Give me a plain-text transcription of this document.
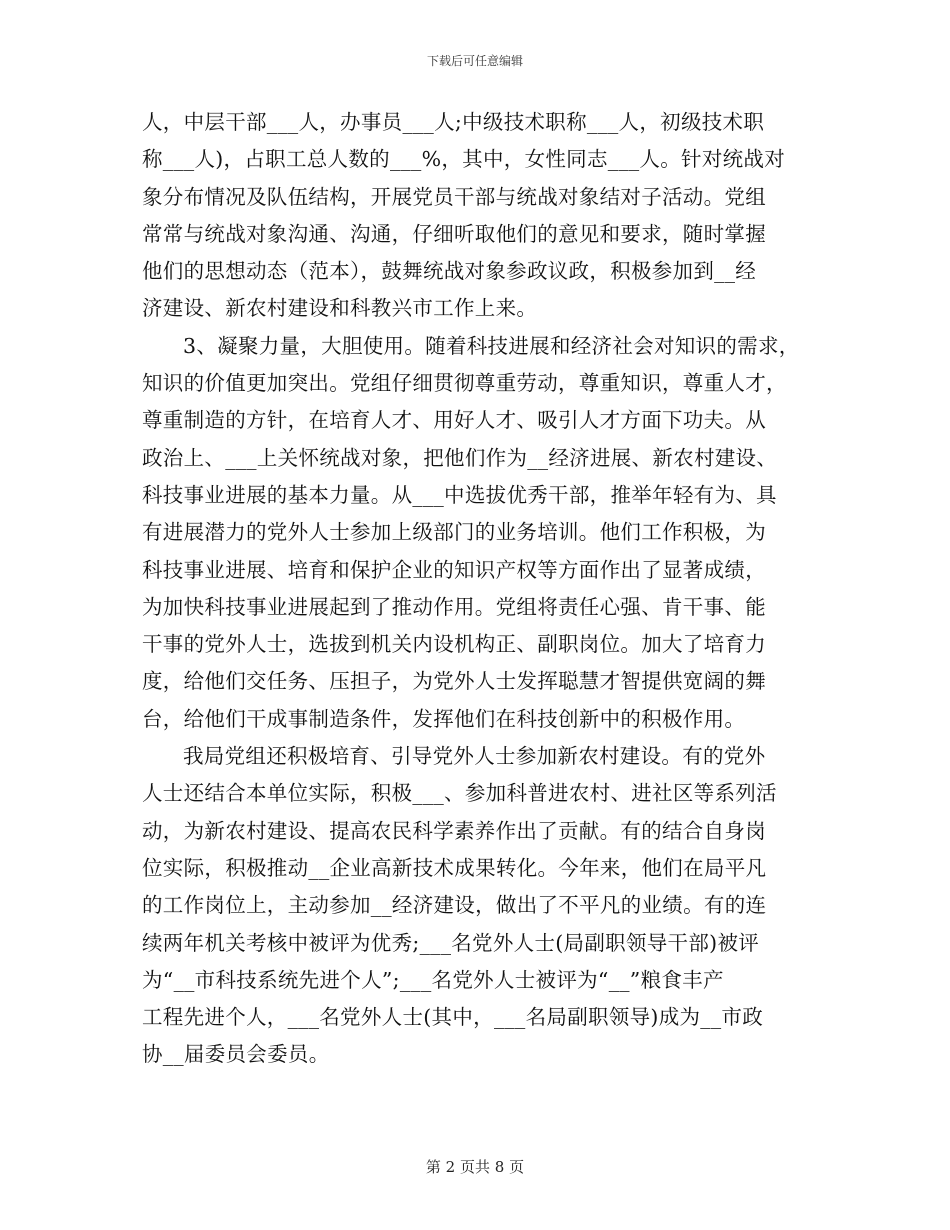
下载后可任意编辑
人，中层干部___人，办事员___人;中级技术职称___人，初级技术职
称___人)，占职工总人数的___%，其中，女性同志___人。针对统战对
象分布情况及队伍结构，开展党员干部与统战对象结对子活动。党组
常常与统战对象沟通、沟通，仔细听取他们的意见和要求，随时掌握
他们的思想动态（范本），鼓舞统战对象参政议政，积极参加到__经
济建设、新农村建设和科教兴市工作上来。
3、凝聚力量，大胆使用。随着科技进展和经济社会对知识的需求，
知识的价值更加突出。党组仔细贯彻尊重劳动，尊重知识，尊重人才，
尊重制造的方针，在培育人才、用好人才、吸引人才方面下功夫。从
政治上、___上关怀统战对象，把他们作为__经济进展、新农村建设、
科技事业进展的基本力量。从___中选拔优秀干部，推举年轻有为、具
有进展潜力的党外人士参加上级部门的业务培训。他们工作积极，为
科技事业进展、培育和保护企业的知识产权等方面作出了显著成绩，
为加快科技事业进展起到了推动作用。党组将责任心强、肯干事、能
干事的党外人士，选拔到机关内设机构正、副职岗位。加大了培育力
度，给他们交任务、压担子，为党外人士发挥聪慧才智提供宽阔的舞
台，给他们干成事制造条件，发挥他们在科技创新中的积极作用。
我局党组还积极培育、引导党外人士参加新农村建设。有的党外
人士还结合本单位实际，积极___、参加科普进农村、进社区等系列活
动，为新农村建设、提高农民科学素养作出了贡献。有的结合自身岗
位实际，积极推动__企业高新技术成果转化。今年来，他们在局平凡
的工作岗位上，主动参加__经济建设，做出了不平凡的业绩。有的连
续两年机关考核中被评为优秀;___名党外人士(局副职领导干部)被评
为“__市科技系统先进个人”;___名党外人士被评为“__”粮食丰产
工程先进个人，___名党外人士(其中，___名局副职领导)成为__市政
协__届委员会委员。
第 2 页共 8 页
